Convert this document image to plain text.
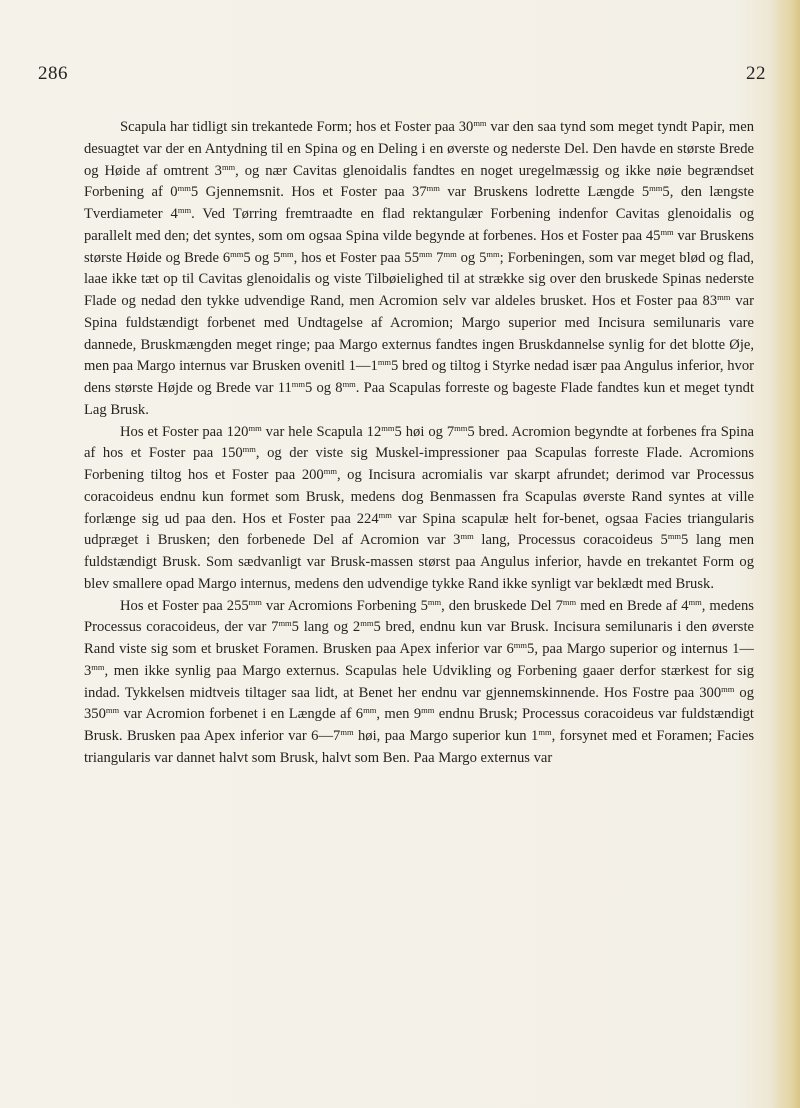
286	22

Scapula har tidligt sin trekantede Form; hos et Foster paa $30^{mm}$ var den saa tynd som meget tyndt Papir, men desuagtet var der en Antydning til en Spina og en Deling i en øverste og nederste Del. Den havde en største Brede og Høide af omtrent $3^{mm}$, og nær Cavitas glenoidalis fandtes en noget uregelmæssig og ikke nøie begrændset Forbening af $0^{mm}5$ Gjennemsnit. Hos et Foster paa $37^{mm}$ var Bruskens lodrette Længde $5^{mm}5$, den længste Tverdiameter $4^{mm}$. Ved Tørring fremtraadte en flad rektangulær Forbening indenfor Cavitas glenoidalis og parallelt med den; det syntes, som om ogsaa Spina vilde begynde at forbenes. Hos et Foster paa $45^{mm}$ var Bruskens største Høide og Brede $6^{mm}5$ og $5^{mm}$, hos et Foster paa $55^{mm}$ $7^{mm}$ og $5^{mm}$; Forbeningen, som var meget blød og flad, laae ikke tæt op til Cavitas glenoidalis og viste Tilbøielighed til at strække sig over den bruskede Spinas nederste Flade og nedad den tykke udvendige Rand, men Acromion selv var aldeles brusket. Hos et Foster paa $83^{mm}$ var Spina fuldstændigt forbenet med Undtagelse af Acromion; Margo superior med Incisura semilunaris vare dannede, Bruskmængden meget ringe; paa Margo externus fandtes ingen Bruskdannelse synlig for det blotte Øje, men paa Margo internus var Brusken ovenitl $1—1^{mm}5$ bred og tiltog i Styrke nedad især paa Angulus inferior, hvor dens største Højde og Brede var $11^{mm}5$ og $8^{mm}$. Paa Scapulas forreste og bageste Flade fandtes kun et meget tyndt Lag Brusk.

Hos et Foster paa $120^{mm}$ var hele Scapula $12^{mm}5$ høi og $7^{mm}5$ bred. Acromion begyndte at forbenes fra Spina af hos et Foster paa $150^{mm}$, og der viste sig Muskel-impressioner paa Scapulas forreste Flade. Acromions Forbening tiltog hos et Foster paa $200^{mm}$, og Incisura acromialis var skarpt afrundet; derimod var Processus coracoideus endnu kun formet som Brusk, medens dog Benmassen fra Scapulas øverste Rand syntes at ville forlænge sig ud paa den. Hos et Foster paa $224^{mm}$ var Spina scapulæ helt for-benet, ogsaa Facies triangularis udpræget i Brusken; den forbenede Del af Acromion var $3^{mm}$ lang, Processus coracoideus $5^{mm}5$ lang men fuldstændigt Brusk. Som sædvanligt var Brusk-massen størst paa Angulus inferior, havde en trekantet Form og blev smallere opad Margo internus, medens den udvendige tykke Rand ikke synligt var beklædt med Brusk.

Hos et Foster paa $255^{mm}$ var Acromions Forbening $5^{mm}$, den bruskede Del $7^{mm}$ med en Brede af $4^{mm}$, medens Processus coracoideus, der var $7^{mm}5$ lang og $2^{mm}5$ bred, endnu kun var Brusk. Incisura semilunaris i den øverste Rand viste sig som et brusket Foramen. Brusken paa Apex inferior var $6^{mm}5$, paa Margo superior og internus $1—3^{mm}$, men ikke synlig paa Margo externus. Scapulas hele Udvikling og Forbening gaaer derfor stærkest for sig indad. Tykkelsen midtveis tiltager saa lidt, at Benet her endnu var gjennemskinnende. Hos Fostre paa $300^{mm}$ og $350^{mm}$ var Acromion forbenet i en Længde af $6^{mm}$, men $9^{mm}$ endnu Brusk; Processus coracoideus var fuldstændigt Brusk. Brusken paa Apex inferior var $6—7^{mm}$ høi, paa Margo superior kun $1^{mm}$, forsynet med et Foramen; Facies triangularis var dannet halvt som Brusk, halvt som Ben. Paa Margo externus var
